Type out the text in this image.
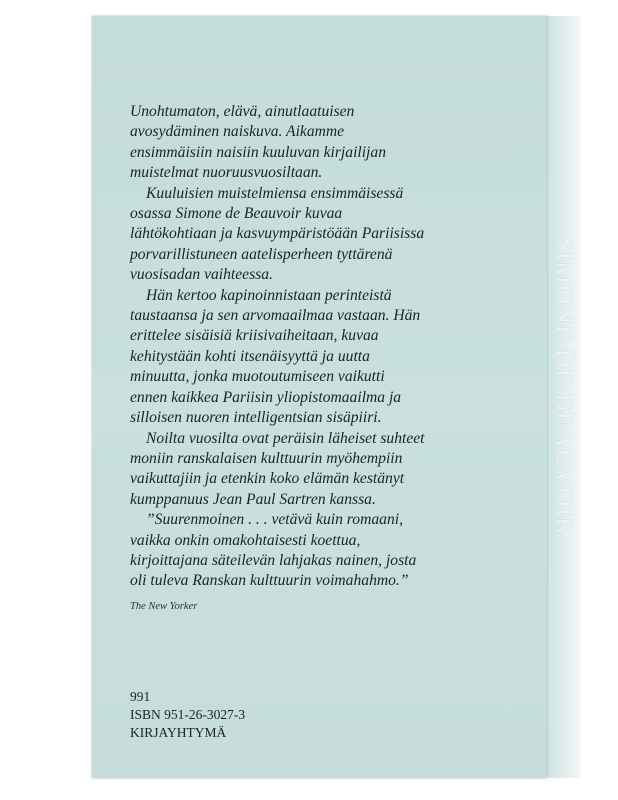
SIMONE DE BEAUVOIR

Unohtumaton, elävä, ainutlaatuisen
avosydäminen naiskuva. Aikamme
ensimmäisiin naisiin kuuluvan kirjailijan
muistelmat nuoruusvuosiltaan.

Kuuluisien muistelmiensa ensimmäisessä
osassa Simone de Beauvoir kuvaa
lähtökohtiaan ja kasvuympäristöään Pariisissa
porvarillistuneen aatelisperheen tyttärenä
vuosisadan vaihteessa.

Hän kertoo kapinoinnistaan perinteistä
taustaansa ja sen arvomaailmaa vastaan. Hän
erittelee sisäisiä kriisivaiheitaan, kuvaa
kehitystään kohti itsenäisyyttä ja uutta
minuutta, jonka muotoutumiseen vaikutti
ennen kaikkea Pariisin yliopistomaailma ja
silloisen nuoren intelligentsian sisäpiiri.

Noilta vuosilta ovat peräisin läheiset suhteet
moniin ranskalaisen kulttuurin myöhempiin
vaikuttajiin ja etenkin koko elämän kestänyt
kumppanuus Jean Paul Sartren kanssa.

”Suurenmoinen . . . vetävä kuin romaani,
vaikka onkin omakohtaisesti koettua,
kirjoittajana säteilevän lahjakas nainen, josta
oli tuleva Ranskan kulttuurin voimahahmo.”

The New Yorker
991
ISBN 951-26-3027-3
KIRJAYHTYMÄ
